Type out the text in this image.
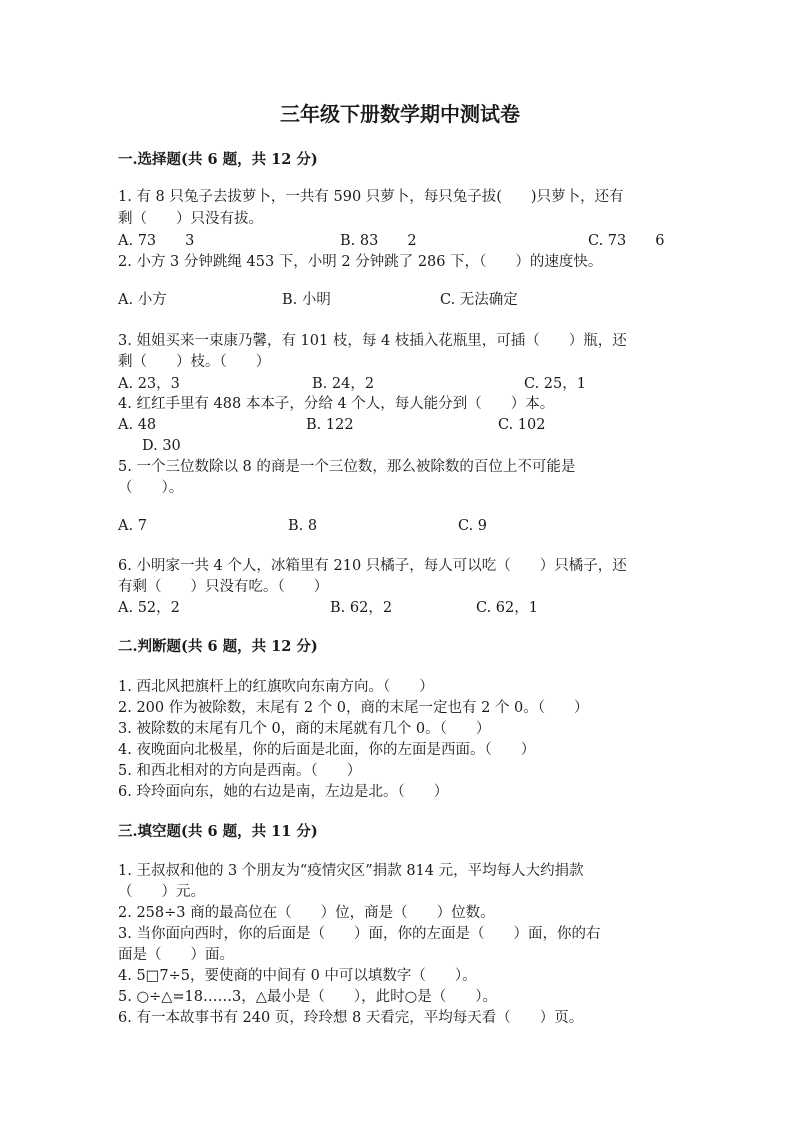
三年级下册数学期中测试卷
一.选择题(共 6 题，共 12 分)
1. 有 8 只兔子去拔萝卜，一共有 590 只萝卜，每只兔子拔(　　)只萝卜，还有
剩（　　）只没有拔。
A. 73　　3	B. 83　　2	C. 73　　6
2. 小方 3 分钟跳绳 453 下，小明 2 分钟跳了 286 下，（　　）的速度快。
A. 小方	B. 小明	C. 无法确定
3. 姐姐买来一束康乃馨，有 101 枝，每 4 枝插入花瓶里，可插（　　）瓶，还
剩（　　）枝。（　　）
A. 23，3	B. 24，2	C. 25，1
4. 红红手里有 488 本本子，分给 4 个人，每人能分到（　　）本。
A. 48	B. 122	C. 102
D. 30
5. 一个三位数除以 8 的商是一个三位数，那么被除数的百位上不可能是
（　　）。
A. 7	B. 8	C. 9
6. 小明家一共 4 个人，冰箱里有 210 只橘子，每人可以吃（　　）只橘子，还
有剩（　　）只没有吃。（　　）
A. 52，2	B. 62，2	C. 62，1
二.判断题(共 6 题，共 12 分)
1. 西北风把旗杆上的红旗吹向东南方向。（　　）
2. 200 作为被除数，末尾有 2 个 0，商的末尾一定也有 2 个 0。（　　）
3. 被除数的末尾有几个 0，商的末尾就有几个 0。（　　）
4. 夜晚面向北极星，你的后面是北面，你的左面是西面。（　　）
5. 和西北相对的方向是西南。（　　）
6. 玲玲面向东，她的右边是南，左边是北。（　　）
三.填空题(共 6 题，共 11 分)
1. 王叔叔和他的 3 个朋友为“疫情灾区”捐款 814 元，平均每人大约捐款
（　　）元。
2. 258÷3 商的最高位在（　　）位，商是（　　）位数。
3. 当你面向西时，你的后面是（　　）面，你的左面是（　　）面，你的右
面是（　　）面。
4. 5□7÷5，要使商的中间有 0 中可以填数字（　　）。
5. ○÷△=18……3，△最小是（　　），此时○是（　　）。
6. 有一本故事书有 240 页，玲玲想 8 天看完，平均每天看（　　）页。
